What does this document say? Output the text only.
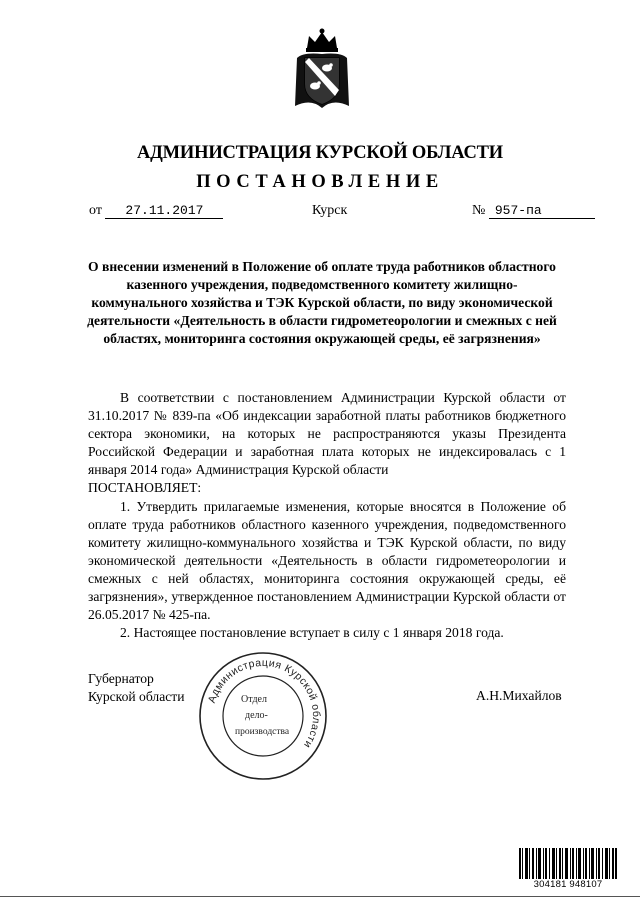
АДМИНИСТРАЦИЯ КУРСКОЙ ОБЛАСТИ
ПОСТАНОВЛЕНИЕ
от 27.11.2017	Курск	№ 957-па
О внесении изменений в Положение об оплате труда работников областного казенного учреждения, подведомственного комитету жилищно-коммунального хозяйства и ТЭК Курской области, по виду экономической деятельности «Деятельность в области гидрометеорологии и смежных с ней областях, мониторинга состояния окружающей среды, её загрязнения»

В соответствии с постановлением Администрации Курской области от 31.10.2017 № 839-па «Об индексации заработной платы работников бюджетного сектора экономики, на которых не распространяются указы Президента Российской Федерации и заработная плата которых не индексировалась с 1 января 2014 года» Администрация Курской области

ПОСТАНОВЛЯЕТ:

1. Утвердить прилагаемые изменения, которые вносятся в Положение об оплате труда работников областного казенного учреждения, подведомственного комитету жилищно-коммунального хозяйства и ТЭК Курской области, по виду экономической деятельности «Деятельность в области гидрометеорологии и смежных с ней областях, мониторинга состояния окружающей среды, её загрязнения», утвержденное постановлением Администрации Курской области от 26.05.2017 № 425-па.

2. Настоящее постановление вступает в силу с 1 января 2018 года.

Губернатор
Курской области	А.Н.Михайлов
Администрация Курской области
Отдел
дело-
производства
304181 948107
